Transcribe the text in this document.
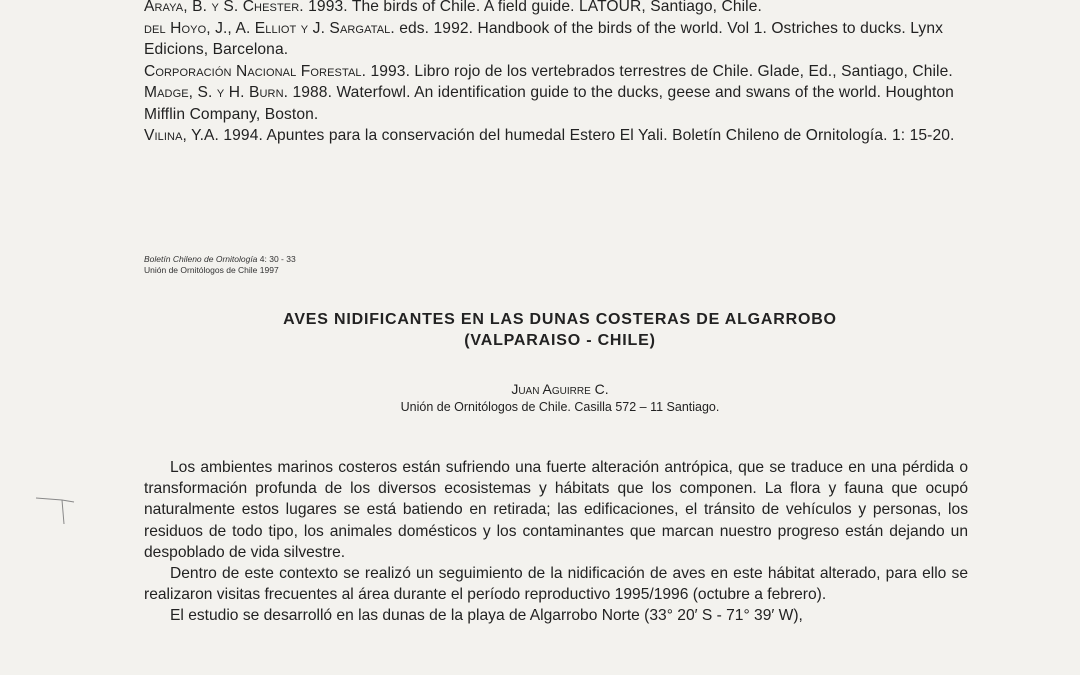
Araya, B. y S. Chester. 1993. The birds of Chile. A field guide. LATOUR, Santiago, Chile.

del Hoyo, J., A. Elliot y J. Sargatal. eds. 1992. Handbook of the birds of the world. Vol 1. Ostriches to ducks. Lynx Edicions, Barcelona.

Corporación Nacional Forestal. 1993. Libro rojo de los vertebrados terrestres de Chile. Glade, Ed., Santiago, Chile.

Madge, S. y H. Burn. 1988. Waterfowl. An identification guide to the ducks, geese and swans of the world. Houghton Mifflin Company, Boston.

Vilina, Y.A. 1994. Apuntes para la conservación del humedal Estero El Yali. Boletín Chileno de Ornitología. 1: 15-20.

Boletín Chileno de Ornitología 4: 30 - 33
Unión de Ornitólogos de Chile 1997
AVES NIDIFICANTES EN LAS DUNAS COSTERAS DE ALGARROBO
(VALPARAISO - CHILE)
Juan Aguirre C.
Unión de Ornitólogos de Chile. Casilla 572 – 11 Santiago.

Los ambientes marinos costeros están sufriendo una fuerte alteración antrópica, que se traduce en una pérdida o transformación profunda de los diversos ecosistemas y hábitats que los componen. La flora y fauna que ocupó naturalmente estos lugares se está batiendo en retirada; las edificaciones, el tránsito de vehículos y personas, los residuos de todo tipo, los animales domésticos y los contaminantes que marcan nuestro progreso están dejando un despoblado de vida silvestre.

Dentro de este contexto se realizó un seguimiento de la nidificación de aves en este hábitat alterado, para ello se realizaron visitas frecuentes al área durante el período reproductivo 1995/1996 (octubre a febrero).

El estudio se desarrolló en las dunas de la playa de Algarrobo Norte (33° 20′ S - 71° 39′ W),
